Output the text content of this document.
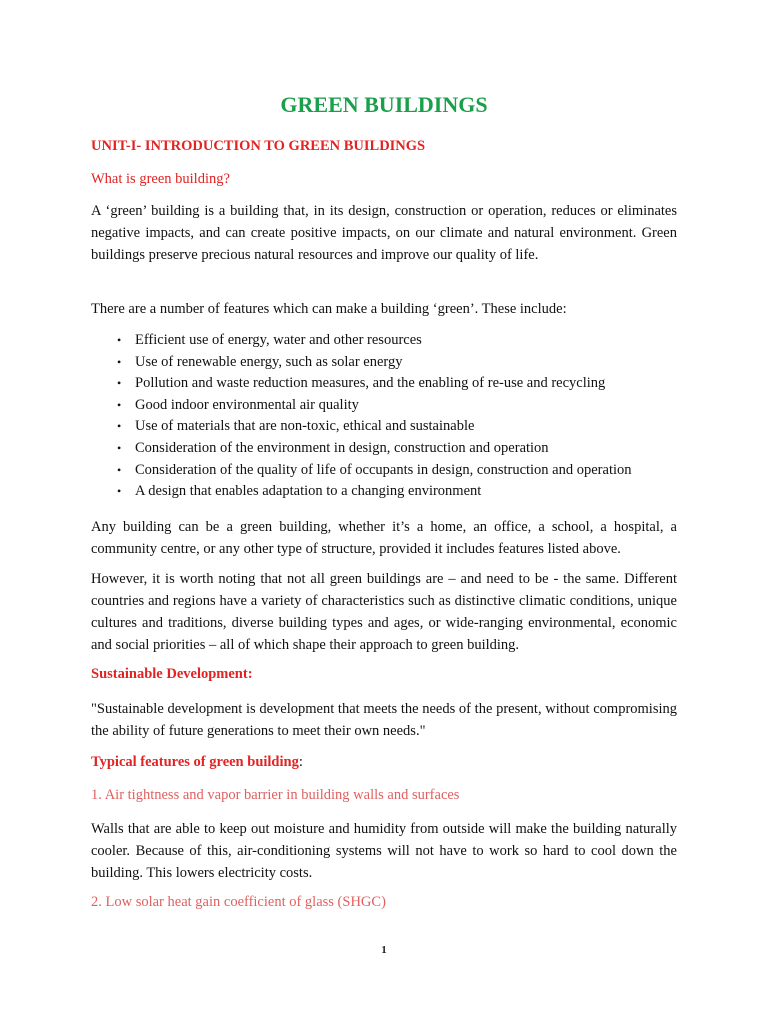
GREEN BUILDINGS

UNIT-I- INTRODUCTION TO GREEN BUILDINGS

What is green building?

A ‘green’ building is a building that, in its design, construction or operation, reduces or eliminates negative impacts, and can create positive impacts, on our climate and natural environment. Green buildings preserve precious natural resources and improve our quality of life.

There are a number of features which can make a building ‘green’. These include:

• Efficient use of energy, water and other resources
• Use of renewable energy, such as solar energy
• Pollution and waste reduction measures, and the enabling of re-use and recycling
• Good indoor environmental air quality
• Use of materials that are non-toxic, ethical and sustainable
• Consideration of the environment in design, construction and operation
• Consideration of the quality of life of occupants in design, construction and operation
• A design that enables adaptation to a changing environment

Any building can be a green building, whether it’s a home, an office, a school, a hospital, a community centre, or any other type of structure, provided it includes features listed above.

However, it is worth noting that not all green buildings are – and need to be - the same. Different countries and regions have a variety of characteristics such as distinctive climatic conditions, unique cultures and traditions, diverse building types and ages, or wide-ranging environmental, economic and social priorities – all of which shape their approach to green building.

Sustainable Development:

"Sustainable development is development that meets the needs of the present, without compromising the ability of future generations to meet their own needs."

Typical features of green building:

1. Air tightness and vapor barrier in building walls and surfaces

Walls that are able to keep out moisture and humidity from outside will make the building naturally cooler. Because of this, air-conditioning systems will not have to work so hard to cool down the building. This lowers electricity costs.

2. Low solar heat gain coefficient of glass (SHGC)

1
